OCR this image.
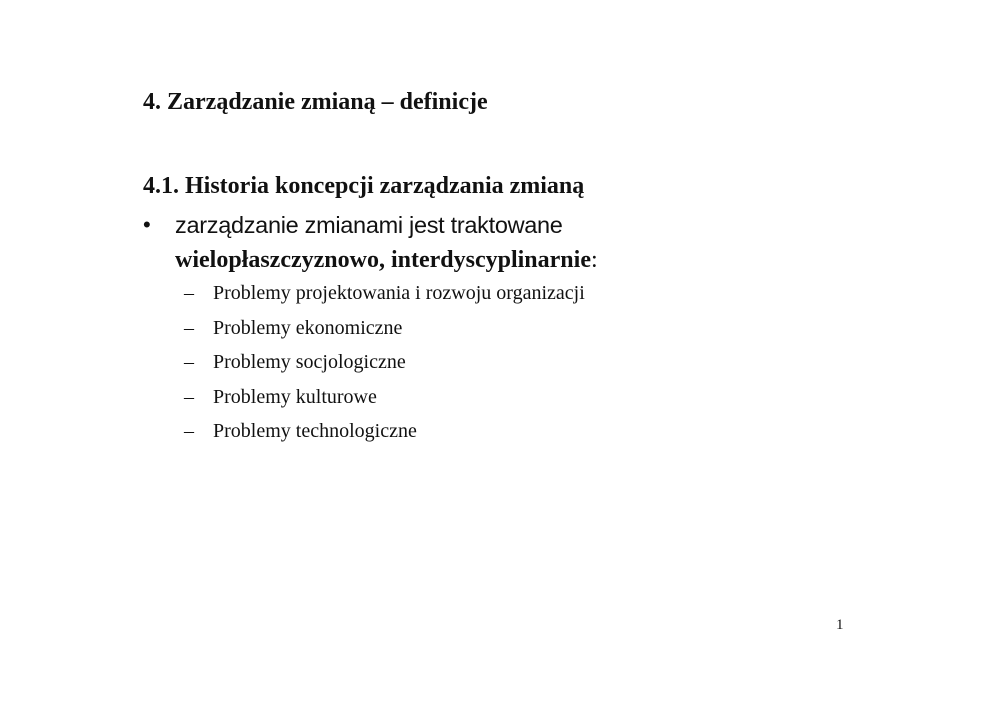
4. Zarządzanie zmianą – definicje
4.1. Historia koncepcji zarządzania zmianą
• zarządzanie zmianami jest traktowane
wielopłaszczyznowo, interdyscyplinarnie:
– Problemy projektowania i rozwoju organizacji
– Problemy ekonomiczne
– Problemy socjologiczne
– Problemy kulturowe
– Problemy technologiczne
1
